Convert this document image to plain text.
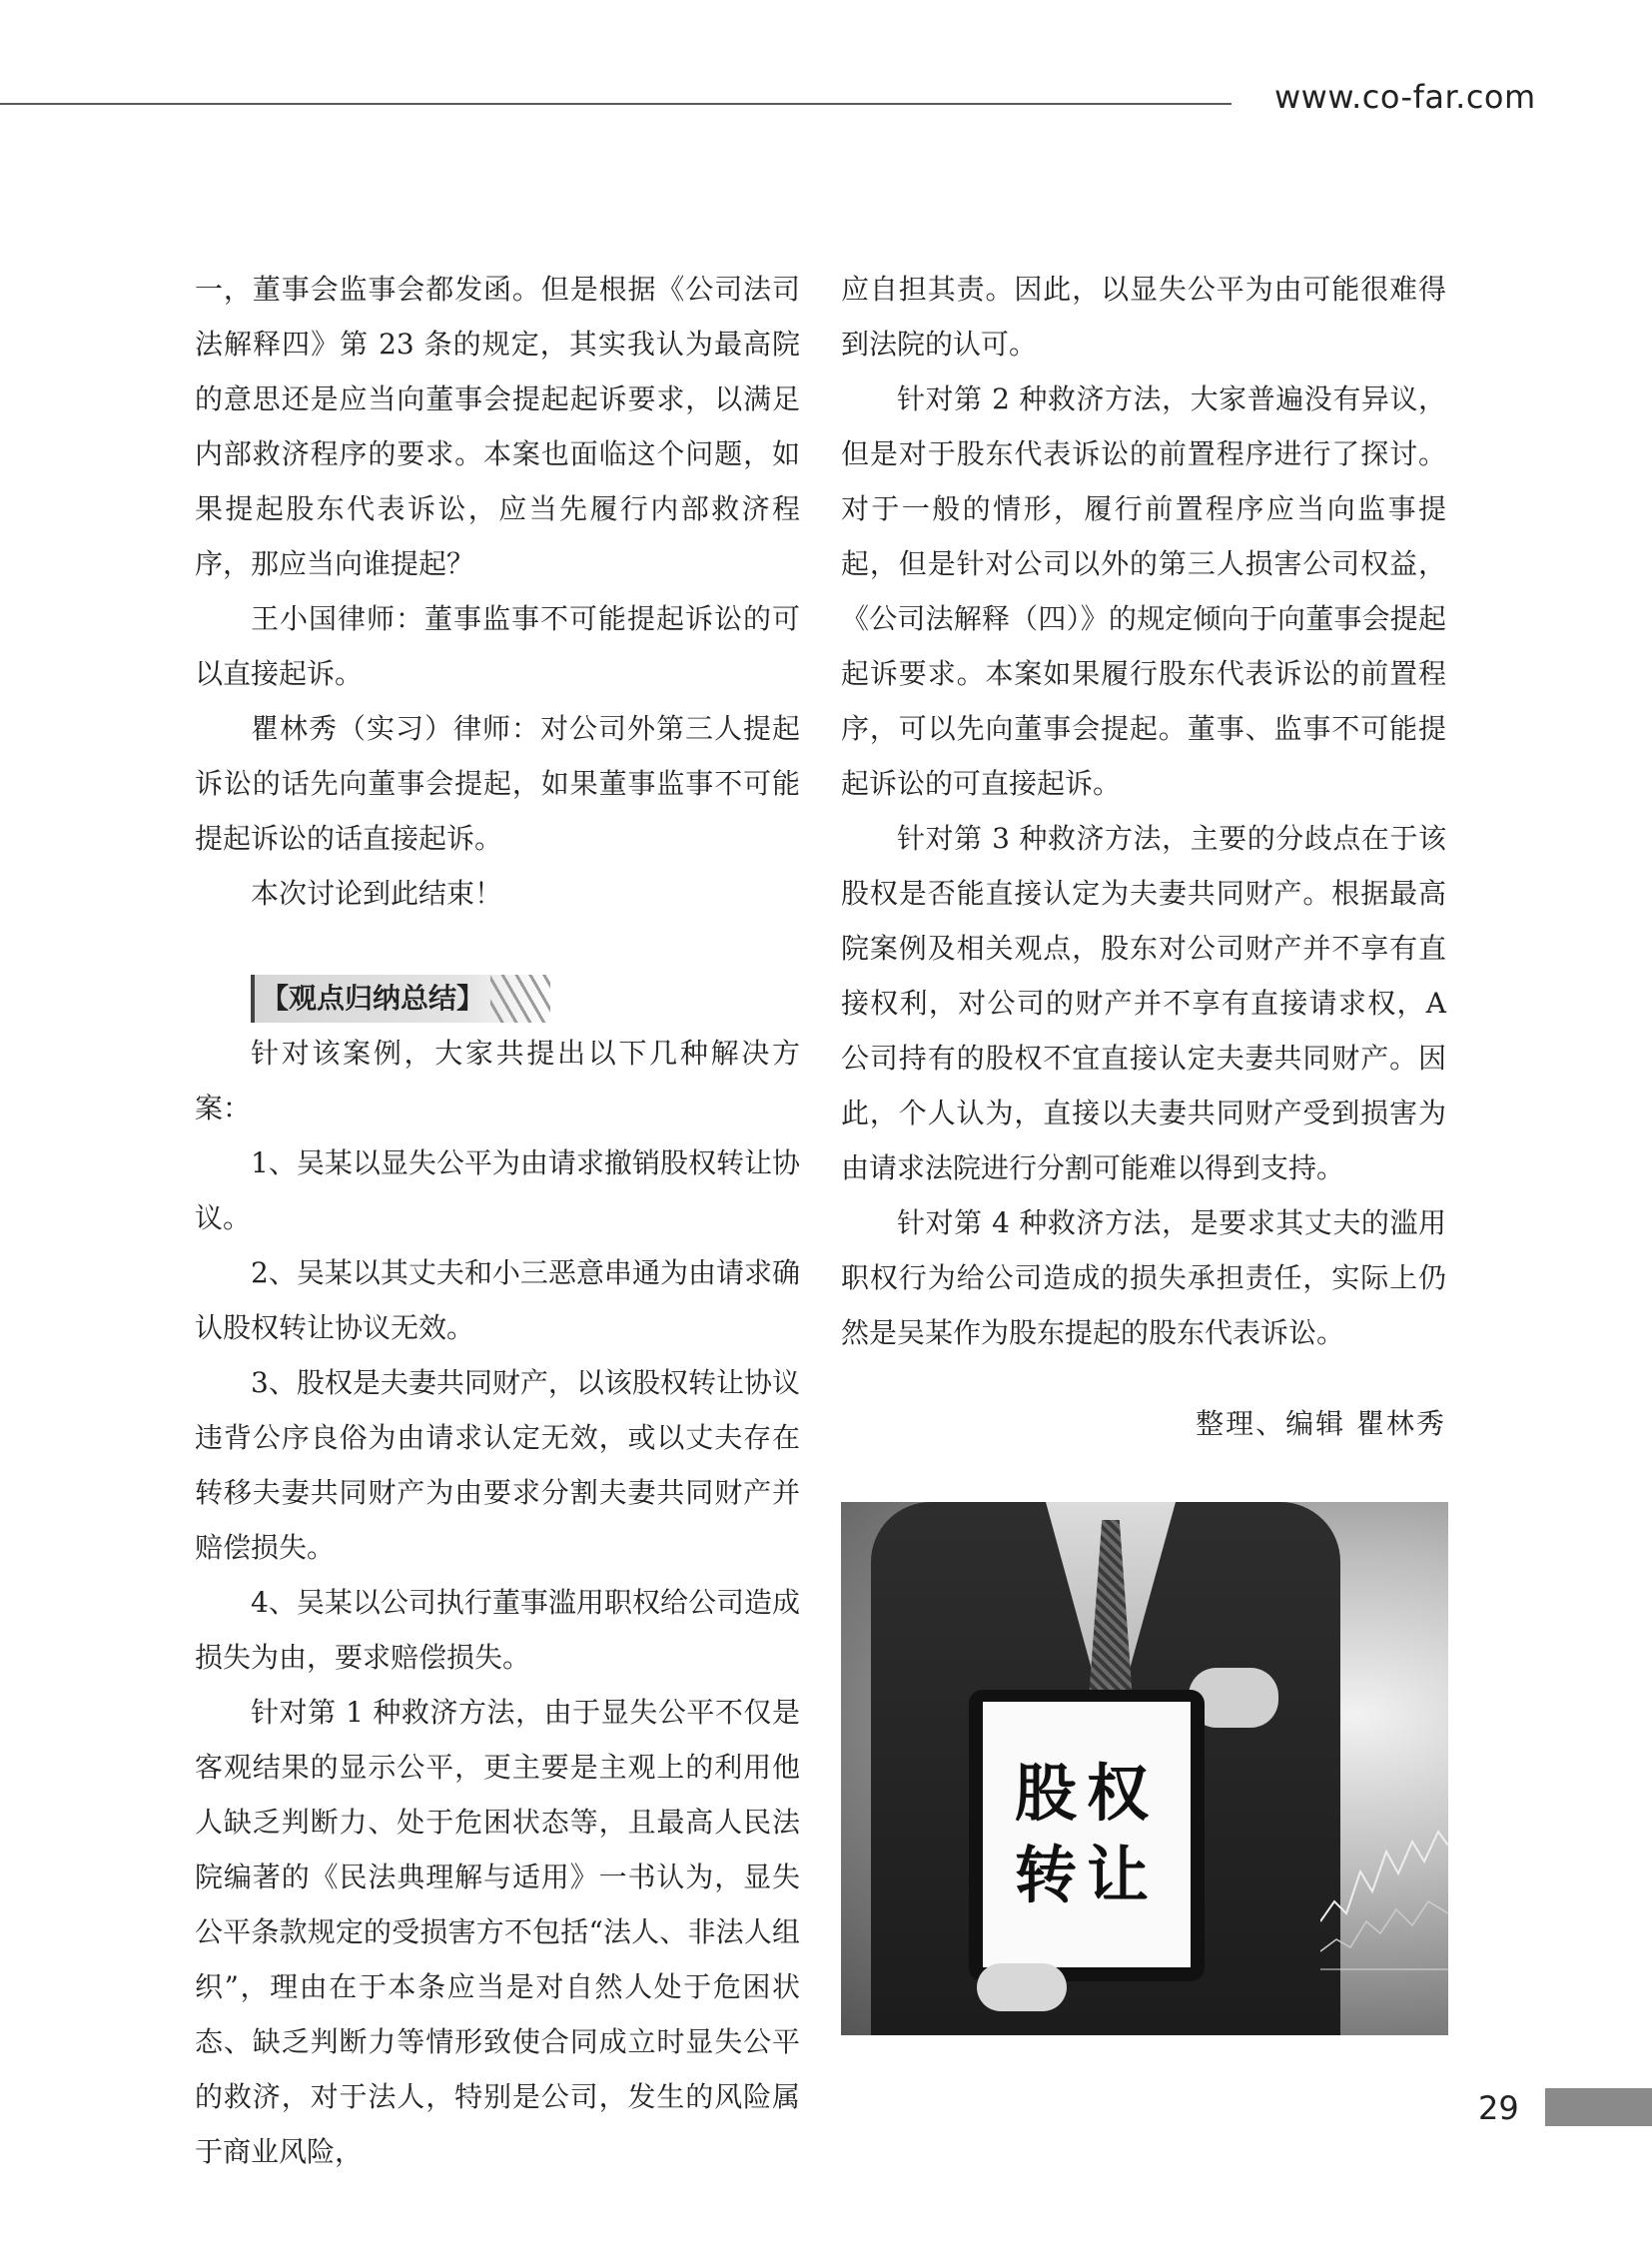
www.co-far.com

一，董事会监事会都发函。但是根据《公司法司法解释四》第 23 条的规定，其实我认为最高院的意思还是应当向董事会提起起诉要求，以满足内部救济程序的要求。本案也面临这个问题，如果提起股东代表诉讼，应当先履行内部救济程序，那应当向谁提起？

王小国律师：董事监事不可能提起诉讼的可以直接起诉。

瞿林秀（实习）律师：对公司外第三人提起诉讼的话先向董事会提起，如果董事监事不可能提起诉讼的话直接起诉。

本次讨论到此结束！

【观点归纳总结】

针对该案例，大家共提出以下几种解决方案：

1、吴某以显失公平为由请求撤销股权转让协议。

2、吴某以其丈夫和小三恶意串通为由请求确认股权转让协议无效。

3、股权是夫妻共同财产，以该股权转让协议违背公序良俗为由请求认定无效，或以丈夫存在转移夫妻共同财产为由要求分割夫妻共同财产并赔偿损失。

4、吴某以公司执行董事滥用职权给公司造成损失为由，要求赔偿损失。

针对第 1 种救济方法，由于显失公平不仅是客观结果的显示公平，更主要是主观上的利用他人缺乏判断力、处于危困状态等，且最高人民法院编著的《民法典理解与适用》一书认为，显失公平条款规定的受损害方不包括“法人、非法人组织”，理由在于本条应当是对自然人处于危困状态、缺乏判断力等情形致使合同成立时显失公平的救济，对于法人，特别是公司，发生的风险属于商业风险，

应自担其责。因此，以显失公平为由可能很难得到法院的认可。

针对第 2 种救济方法，大家普遍没有异议，但是对于股东代表诉讼的前置程序进行了探讨。对于一般的情形，履行前置程序应当向监事提起，但是针对公司以外的第三人损害公司权益，《公司法解释（四）》的规定倾向于向董事会提起起诉要求。本案如果履行股东代表诉讼的前置程序，可以先向董事会提起。董事、监事不可能提起诉讼的可直接起诉。

针对第 3 种救济方法，主要的分歧点在于该股权是否能直接认定为夫妻共同财产。根据最高院案例及相关观点，股东对公司财产并不享有直接权利，对公司的财产并不享有直接请求权，A 公司持有的股权不宜直接认定夫妻共同财产。因此，个人认为，直接以夫妻共同财产受到损害为由请求法院进行分割可能难以得到支持。

针对第 4 种救济方法，是要求其丈夫的滥用职权行为给公司造成的损失承担责任，实际上仍然是吴某作为股东提起的股东代表诉讼。

整理、编辑 瞿林秀
股权
转让
29
